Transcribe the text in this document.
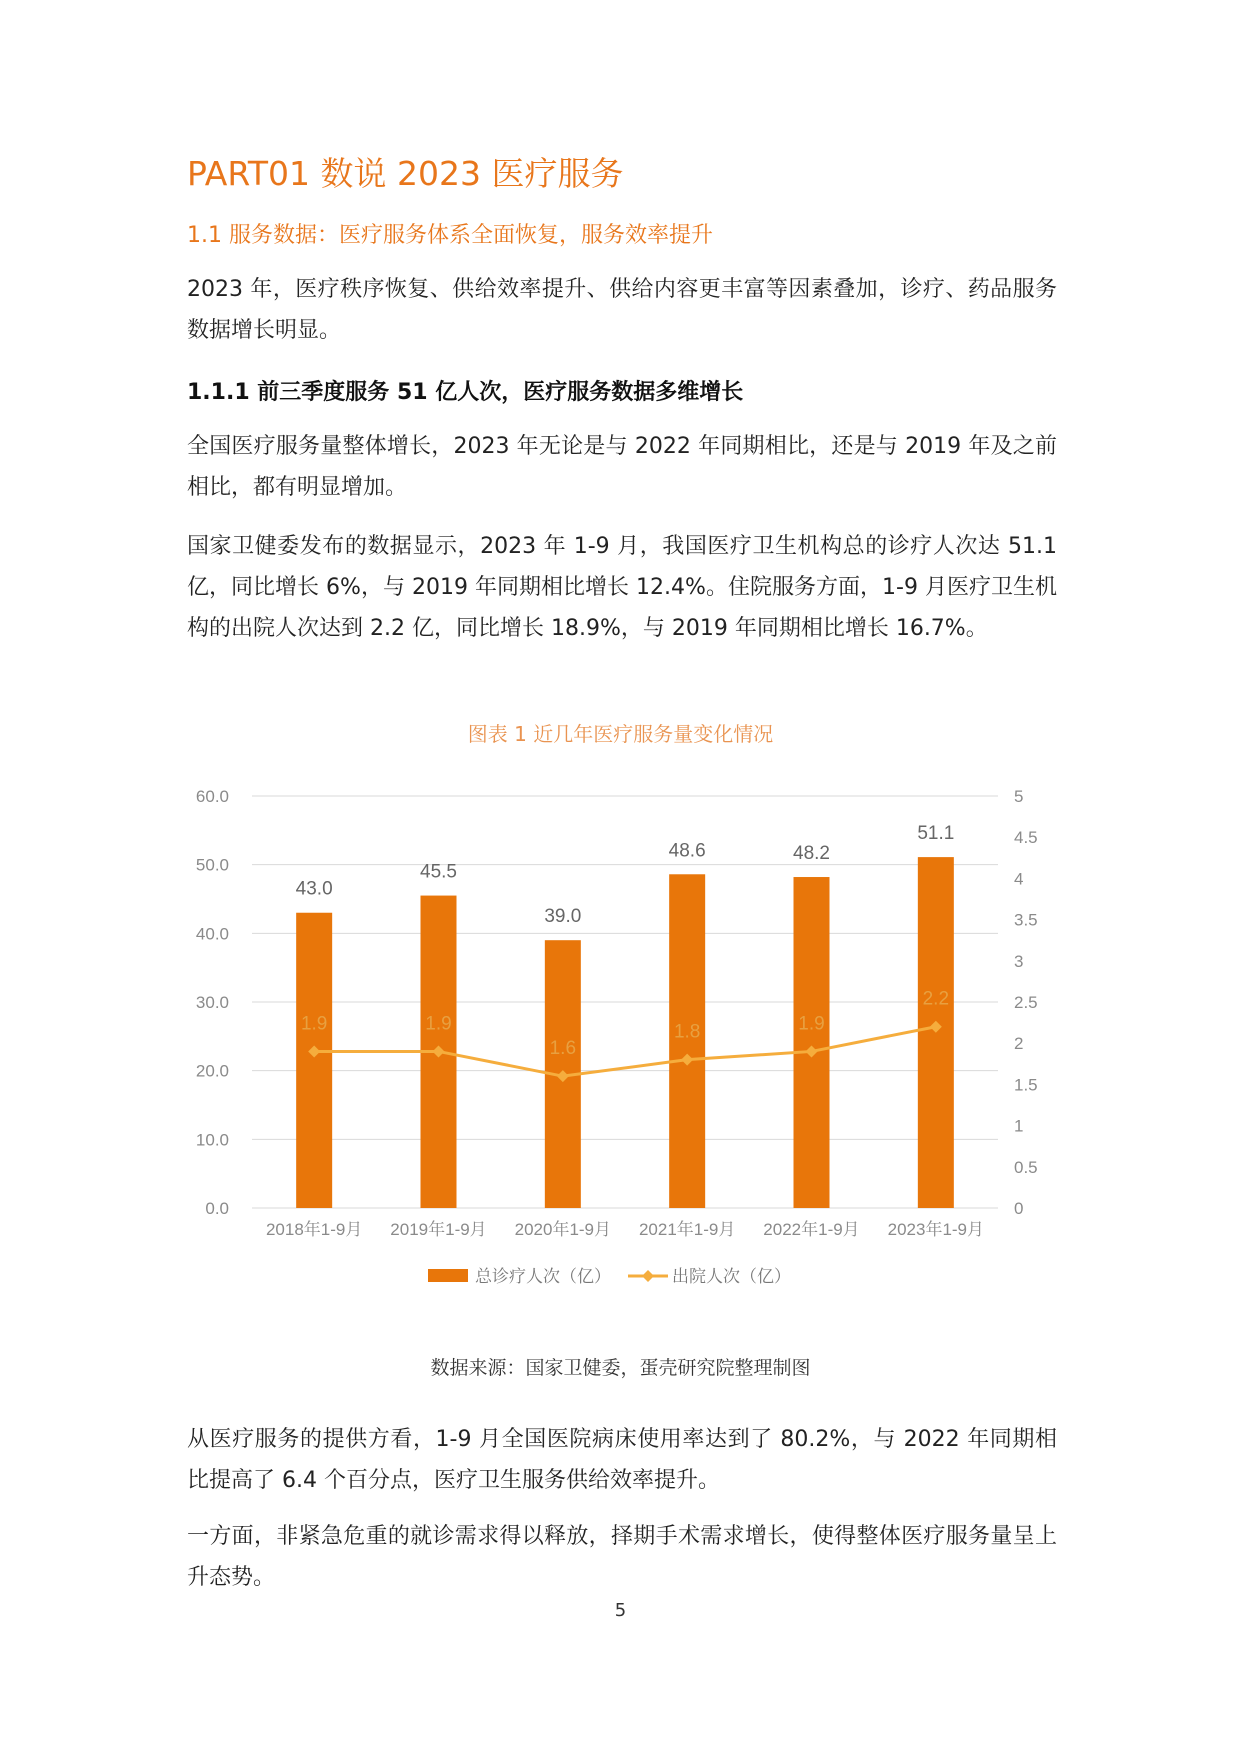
PART01 数说 2023 医疗服务
1.1 服务数据：医疗服务体系全面恢复，服务效率提升
2023 年，医疗秩序恢复、供给效率提升、供给内容更丰富等因素叠加，诊疗、药品服务数据增长明显。
1.1.1 前三季度服务 51 亿人次，医疗服务数据多维增长
全国医疗服务量整体增长，2023 年无论是与 2022 年同期相比，还是与 2019 年及之前相比，都有明显增加。
国家卫健委发布的数据显示，2023 年 1-9 月，我国医疗卫生机构总的诊疗人次达 51.1 亿，同比增长 6%，与 2019 年同期相比增长 12.4%。住院服务方面，1-9 月医疗卫生机构的出院人次达到 2.2 亿，同比增长 18.9%，与 2019 年同期相比增长 16.7%。
图表 1 近几年医疗服务量变化情况
0.0
10.0
20.0
30.0
40.0
50.0
60.0
0
0.5
1
1.5
2
2.5
3
3.5
4
4.5
5
43.0
45.5
39.0
48.6	48.2
51.1
2018年1-9月 2019年1-9月 2020年1-9月 2021年1-9月 2022年1-9月 2023年1-9月
1.9	1.9
1.6
1.8	1.9
2.2
总诊疗人次（亿）	出院人次（亿）
数据来源：国家卫健委，蛋壳研究院整理制图
从医疗服务的提供方看，1-9 月全国医院病床使用率达到了 80.2%，与 2022 年同期相比提高了 6.4 个百分点，医疗卫生服务供给效率提升。
一方面，非紧急危重的就诊需求得以释放，择期手术需求增长，使得整体医疗服务量呈上升态势。
5
